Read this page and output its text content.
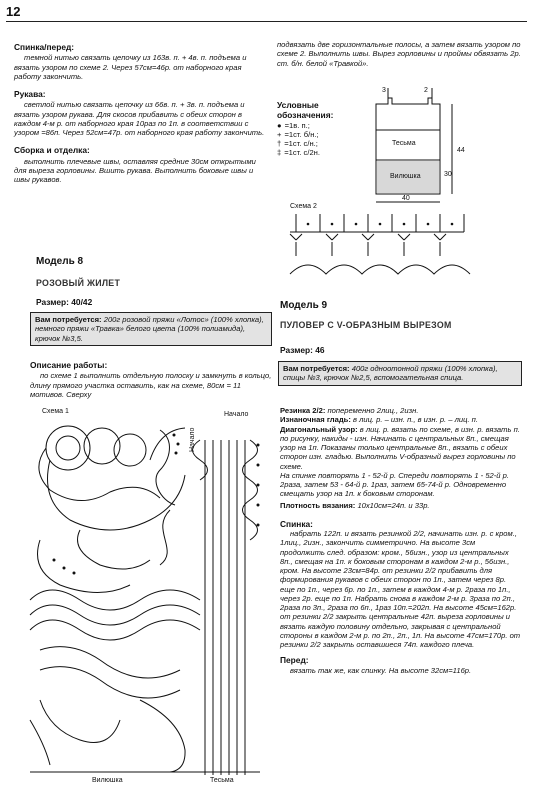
12
Спинка/перед:
темной нитью связать цепочку из 163в. п. + 4в. п. подъема и вязать узором по схеме 2. Через 57см=46р. от наборного края работу закончить.
Рукава:
светлой нитью связать цепочку из 66в. п. + 3в. п. подъема и вязать узором рукава. Для скосов прибавить с обеих сторон в каждом 4-м р. от наборного края 10раз по 1п. в соответствии с узором =86п. Через 52см=47р. от наборного края работу закончить.
Сборка и отделка:
выполнить плечевые швы, оставляя средние 30см открытыми для выреза горловины. Вшить рукава. Выполнить боковые швы и швы рукавов.
Модель 8
РОЗОВЫЙ ЖИЛЕТ
Размер: 40/42
Вам потребуется: 200г розовой пряжи «Лотос» (100% хлопка), немного пряжи «Травка» белого цвета (100% полиамида), крючок №3,5.
Описание работы:
по схеме 1 выполнить отдельную полоску и замкнуть в кольцо, длину прямого участка оставить, как на схеме, 80см = 11 мотивов. Сверху
Схема 1	Начало
Начало
Вилюшка	Тесьма
подвязать две горизонтальные полосы, а затем вязать узором по схеме 2. Выполнить швы. Вырез горловины и проймы обвязать 2р. ст. б/н. белой «Травкой».
Условные обозначения:
● =1в. п.;
+ =1ст. б/н.;
† =1ст. с/н.;
‡ =1ст. с/2н.
3	2
Тесьма
Вилюшка
44
30
40
Схема 2
Модель 9
ПУЛОВЕР С V-ОБРАЗНЫМ ВЫРЕЗОМ
Размер: 46
Вам потребуется: 400г одноотонной пряжи (100% хлопка), спицы №3, крючок №2,5, вспомогательная спица.
Резинка 2/2: попеременно 2лиц., 2изн.
Изнаночная гладь: в лиц. р. – изн. п., в изн. р. – лиц. п.
Диагональный узор: в лиц. р. вязать по схеме, в изн. р. вязать п. по рисунку, накиды - изн. Начинать с центральных 8п., смещая узор на 1п. Показаны только центральные 8п., вязать с обеих сторон изн. гладью. Выполнить V-образный вырез горловины по схеме.
На спинке повторять 1 - 52-й р. Спереди повторять 1 - 52-й р. 2раза, затем 53 - 64-й р. 1раз, затем 65-74-й р. Одновременно смещать узор на 1п. к боковым сторонам.
Плотность вязания: 10х10см=24п. и 33р.
Спинка:
набрать 122п. и вязать резинкой 2/2, начинать изн. р. с кром., 1лиц., 2изн., закончить симметрично. На высоте 3см продолжить след. образом: кром., 56изн., узор из центральных 8п., смещая на 1п. к боковым сторонам в каждом 2-м р., 56изн., кром. На высоте 23см=84р. от резинки 2/2 прибавить для формирования рукавов с обеих сторон по 1п., затем через 8р. еще по 1п., через 6р. по 1п., затем в каждом 4-м р. 2раза по 1п., через 2р. еще по 1п. Набрать снова в каждом 2-м р. 3раза по 2п., 2раза по 3п., 2раза по 6п., 1раз 10п.=202п. На высоте 45см=162р. от резинки 2/2 закрыть центральные 42п. выреза горловины и вязать каждую половину отдельно, закрывая с центральной стороны в каждом 2-м р. по 2п., 2п., 1п. На высоте 47см=170р. от резинки 2/2 закрыть оставшиеся 74п. каждого плеча.
Перед:
вязать так же, как спинку. На высоте 32см=116р.
